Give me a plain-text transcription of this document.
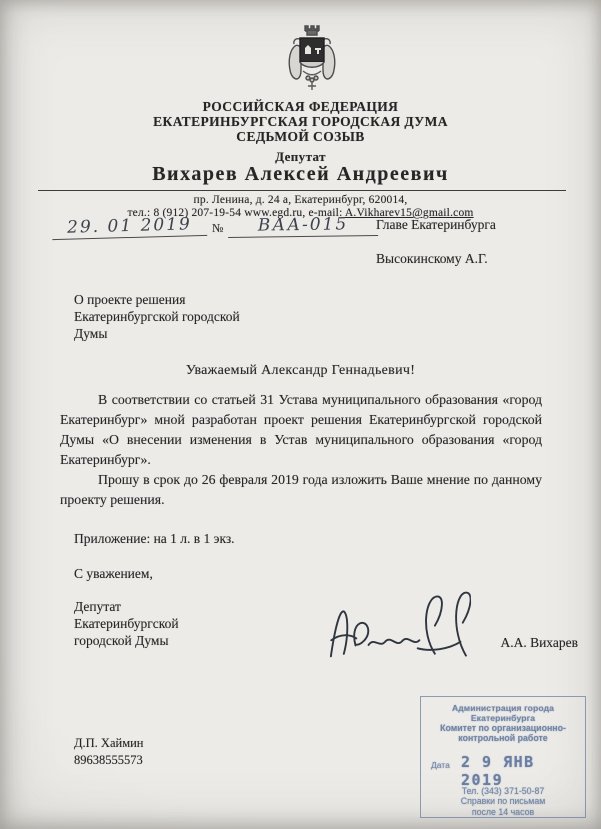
РОССИЙСКАЯ ФЕДЕРАЦИЯ
ЕКАТЕРИНБУРГСКАЯ ГОРОДСКАЯ ДУМА
СЕДЬМОЙ СОЗЫВ
Депутат
Вихарев Алексей Андреевич
пр. Ленина, д. 24 а, Екатеринбург, 620014,
тел.: 8 (912) 207-19-54 www.egd.ru, e-mail: A.Vikharev15@gmail.com
29. 01 2019	№	ВАА-015	Главе Екатеринбурга
Высокинскому А.Г.
О проекте решения
Екатеринбургской городской
Думы
Уважаемый Александр Геннадьевич!

В соответствии со статьей 31 Устава муниципального образования «город Екатеринбург» мной разработан проект решения Екатеринбургской городской Думы «О внесении изменения в Устав муниципального образования «город Екатеринбург».

Прошу в срок до 26 февраля 2019 года изложить Ваше мнение по данному проекту решения.

Приложение: на 1 л. в 1 экз.
С уважением,
Депутат
Екатеринбургской
городской Думы	А.А. Вихарев
Д.П. Хаймин
89638555573
Администрация города Екатеринбурга
Комитет по организационно-
контрольной работе
Дата 2 9 ЯНВ 2019
Тел. (343) 371-50-87
Справки по письмам
после 14 часов
